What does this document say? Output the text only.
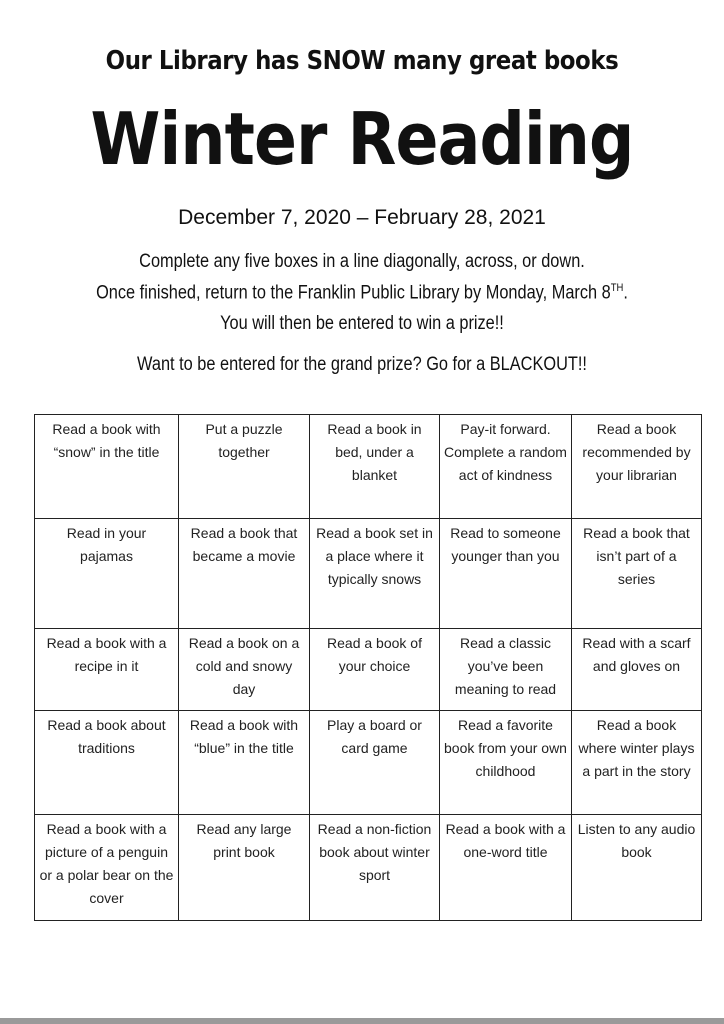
Our Library has SNOW many great books
Winter Reading
December 7, 2020 – February 28, 2021
Complete any five boxes in a line diagonally, across, or down.
Once finished, return to the Franklin Public Library by Monday, March 8TH.
You will then be entered to win a prize!!
Want to be entered for the grand prize? Go for a BLACKOUT!!
Read a book with “snow” in the title	Put a puzzle together	Read a book in bed, under a blanket	Pay-it forward. Complete a random act of kindness	Read a book recommended by your librarian
Read in your pajamas	Read a book that became a movie	Read a book set in a place where it typically snows	Read to someone younger than you	Read a book that isn’t part of a series
Read a book with a recipe in it	Read a book on a cold and snowy day	Read a book of your choice	Read a classic you’ve been meaning to read	Read with a scarf and gloves on
Read a book about traditions	Read a book with “blue” in the title	Play a board or card game	Read a favorite book from your own childhood	Read a book where winter plays a part in the story
Read a book with a picture of a penguin or a polar bear on the cover	Read any large print book	Read a non-fiction book about winter sport	Read a book with a one-word title	Listen to any audio book
